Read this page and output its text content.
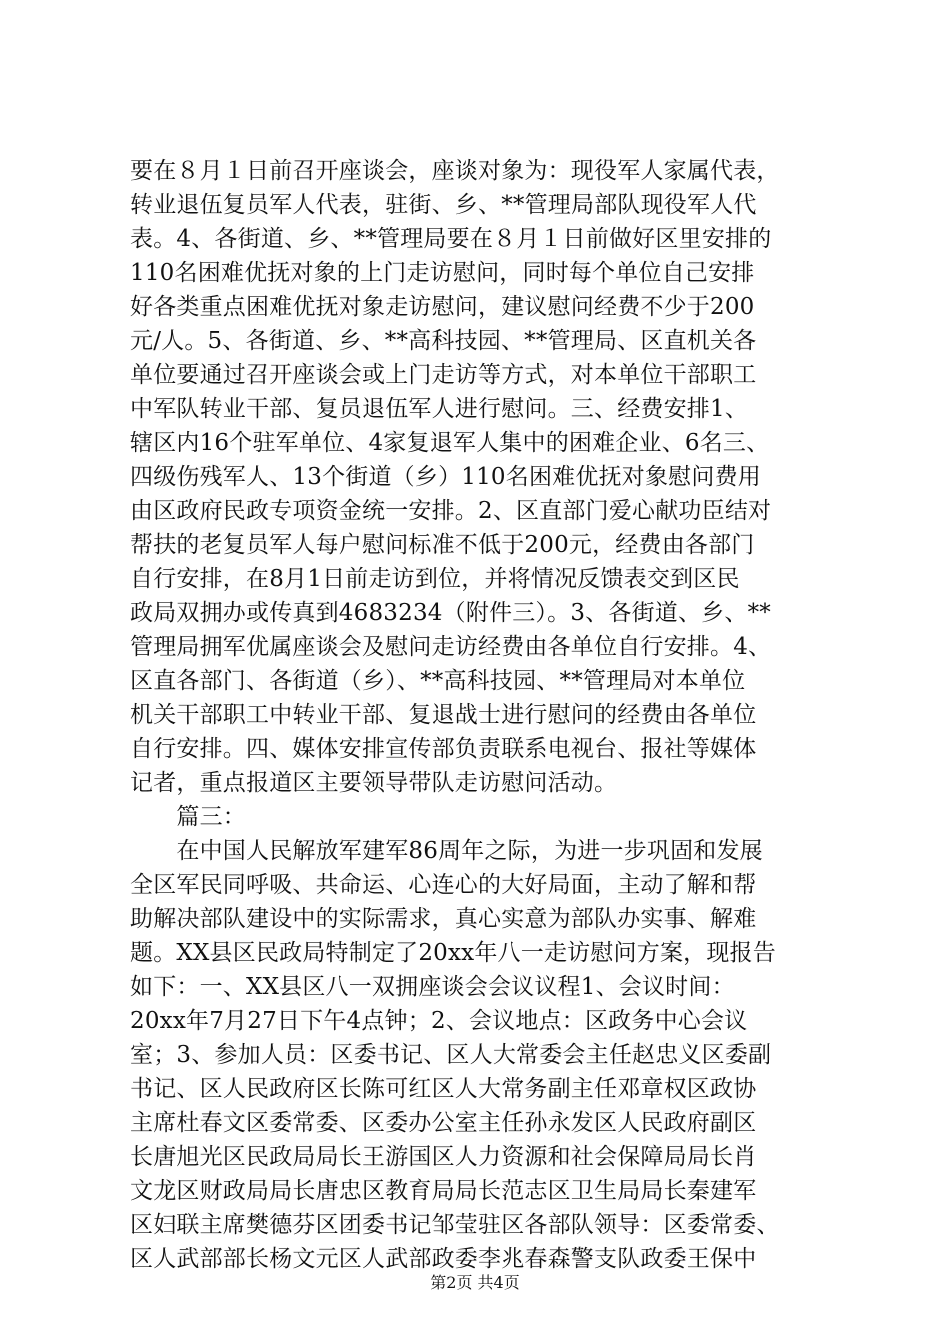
要在８月１日前召开座谈会，座谈对象为：现役军人家属代表，
转业退伍复员军人代表，驻街、乡、**管理局部队现役军人代
表。4、各街道、乡、**管理局要在８月１日前做好区里安排的
110名困难优抚对象的上门走访慰问，同时每个单位自己安排
好各类重点困难优抚对象走访慰问，建议慰问经费不少于200
元/人。5、各街道、乡、**高科技园、**管理局、区直机关各
单位要通过召开座谈会或上门走访等方式，对本单位干部职工
中军队转业干部、复员退伍军人进行慰问。三、经费安排1、
辖区内16个驻军单位、4家复退军人集中的困难企业、6名三、
四级伤残军人、13个街道（乡）110名困难优抚对象慰问费用
由区政府民政专项资金统一安排。2、区直部门爱心献功臣结对
帮扶的老复员军人每户慰问标准不低于200元，经费由各部门
自行安排，在8月1日前走访到位，并将情况反馈表交到区民
政局双拥办或传真到4683234（附件三）。3、各街道、乡、**
管理局拥军优属座谈会及慰问走访经费由各单位自行安排。4、
区直各部门、各街道（乡）、**高科技园、**管理局对本单位
机关干部职工中转业干部、复退战士进行慰问的经费由各单位
自行安排。四、媒体安排宣传部负责联系电视台、报社等媒体
记者，重点报道区主要领导带队走访慰问活动。
　　篇三：
　　在中国人民解放军建军86周年之际，为进一步巩固和发展
全区军民同呼吸、共命运、心连心的大好局面，主动了解和帮
助解决部队建设中的实际需求，真心实意为部队办实事、解难
题。XX县区民政局特制定了20xx年八一走访慰问方案，现报告
如下：一、XX县区八一双拥座谈会会议议程1、会议时间：
20xx年7月27日下午4点钟；2、会议地点：区政务中心会议
室；3、参加人员：区委书记、区人大常委会主任赵忠义区委副
书记、区人民政府区长陈可红区人大常务副主任邓章权区政协
主席杜春文区委常委、区委办公室主任孙永发区人民政府副区
长唐旭光区民政局局长王游国区人力资源和社会保障局局长肖
文龙区财政局局长唐忠区教育局局长范志区卫生局局长秦建军
区妇联主席樊德芬区团委书记邹莹驻区各部队领导：区委常委、
区人武部部长杨文元区人武部政委李兆春森警支队政委王保中
第2页 共4页
